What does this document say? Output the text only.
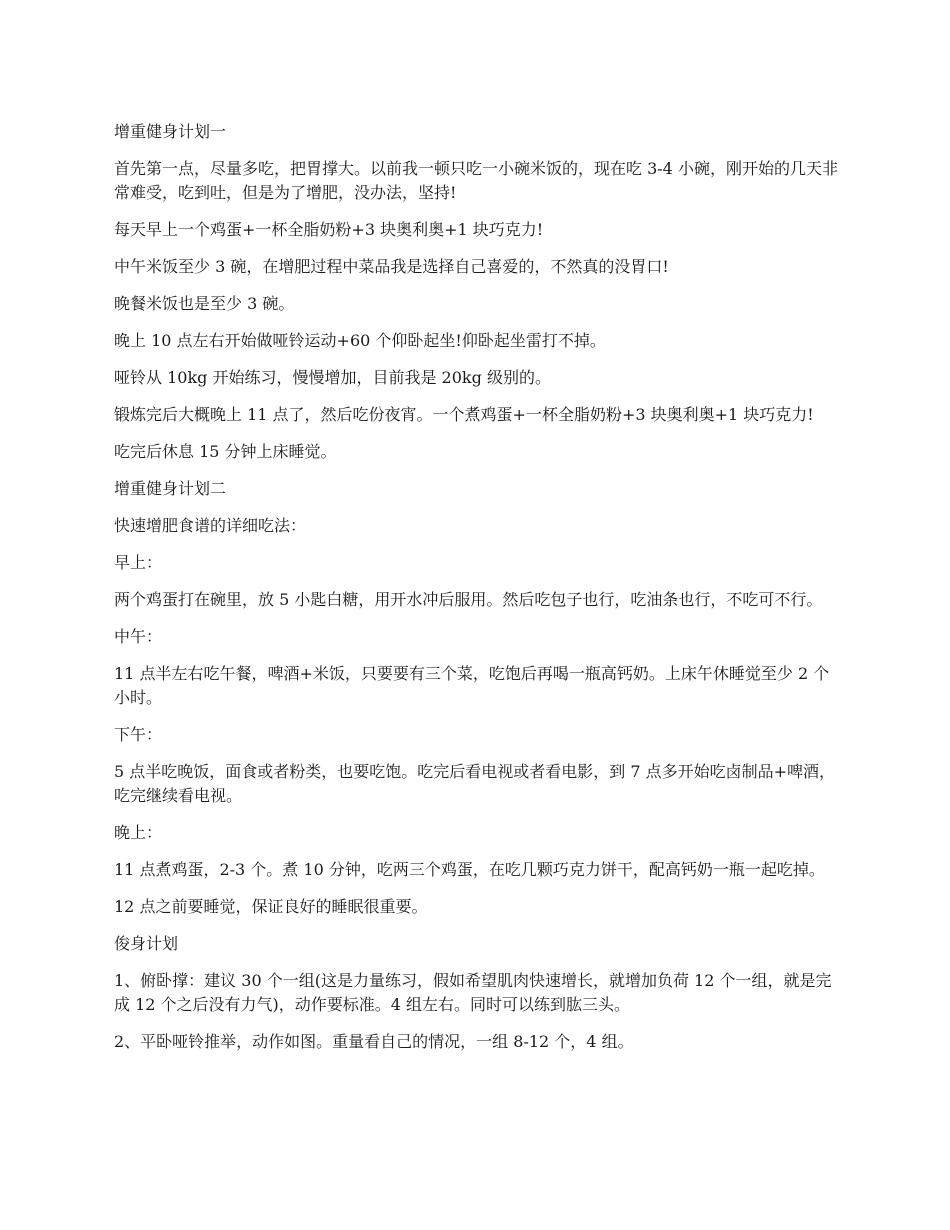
增重健身计划一

首先第一点，尽量多吃，把胃撑大。以前我一顿只吃一小碗米饭的，现在吃 3-4 小碗，刚开始的几天非常难受，吃到吐，但是为了增肥，没办法，坚持!

每天早上一个鸡蛋+一杯全脂奶粉+3 块奥利奥+1 块巧克力!

中午米饭至少 3 碗，在增肥过程中菜品我是选择自己喜爱的，不然真的没胃口!

晚餐米饭也是至少 3 碗。

晚上 10 点左右开始做哑铃运动+60 个仰卧起坐!仰卧起坐雷打不掉。

哑铃从 10kg 开始练习，慢慢增加，目前我是 20kg 级别的。

锻炼完后大概晚上 11 点了，然后吃份夜宵。一个煮鸡蛋+一杯全脂奶粉+3 块奥利奥+1 块巧克力!

吃完后休息 15 分钟上床睡觉。

增重健身计划二

快速增肥食谱的详细吃法：

早上：

两个鸡蛋打在碗里，放 5 小匙白糖，用开水冲后服用。然后吃包子也行，吃油条也行，不吃可不行。

中午：

11 点半左右吃午餐，啤酒+米饭，只要要有三个菜，吃饱后再喝一瓶高钙奶。上床午休睡觉至少 2 个小时。

下午：

5 点半吃晚饭，面食或者粉类，也要吃饱。吃完后看电视或者看电影，到 7 点多开始吃卤制品+啤酒，吃完继续看电视。

晚上：

11 点煮鸡蛋，2-3 个。煮 10 分钟，吃两三个鸡蛋，在吃几颗巧克力饼干，配高钙奶一瓶一起吃掉。

12 点之前要睡觉，保证良好的睡眠很重要。

俊身计划

1、俯卧撑：建议 30 个一组(这是力量练习，假如希望肌肉快速增长，就增加负荷 12 个一组，就是完成 12 个之后没有力气)，动作要标准。4 组左右。同时可以练到肱三头。

2、平卧哑铃推举，动作如图。重量看自己的情况，一组 8-12 个，4 组。
